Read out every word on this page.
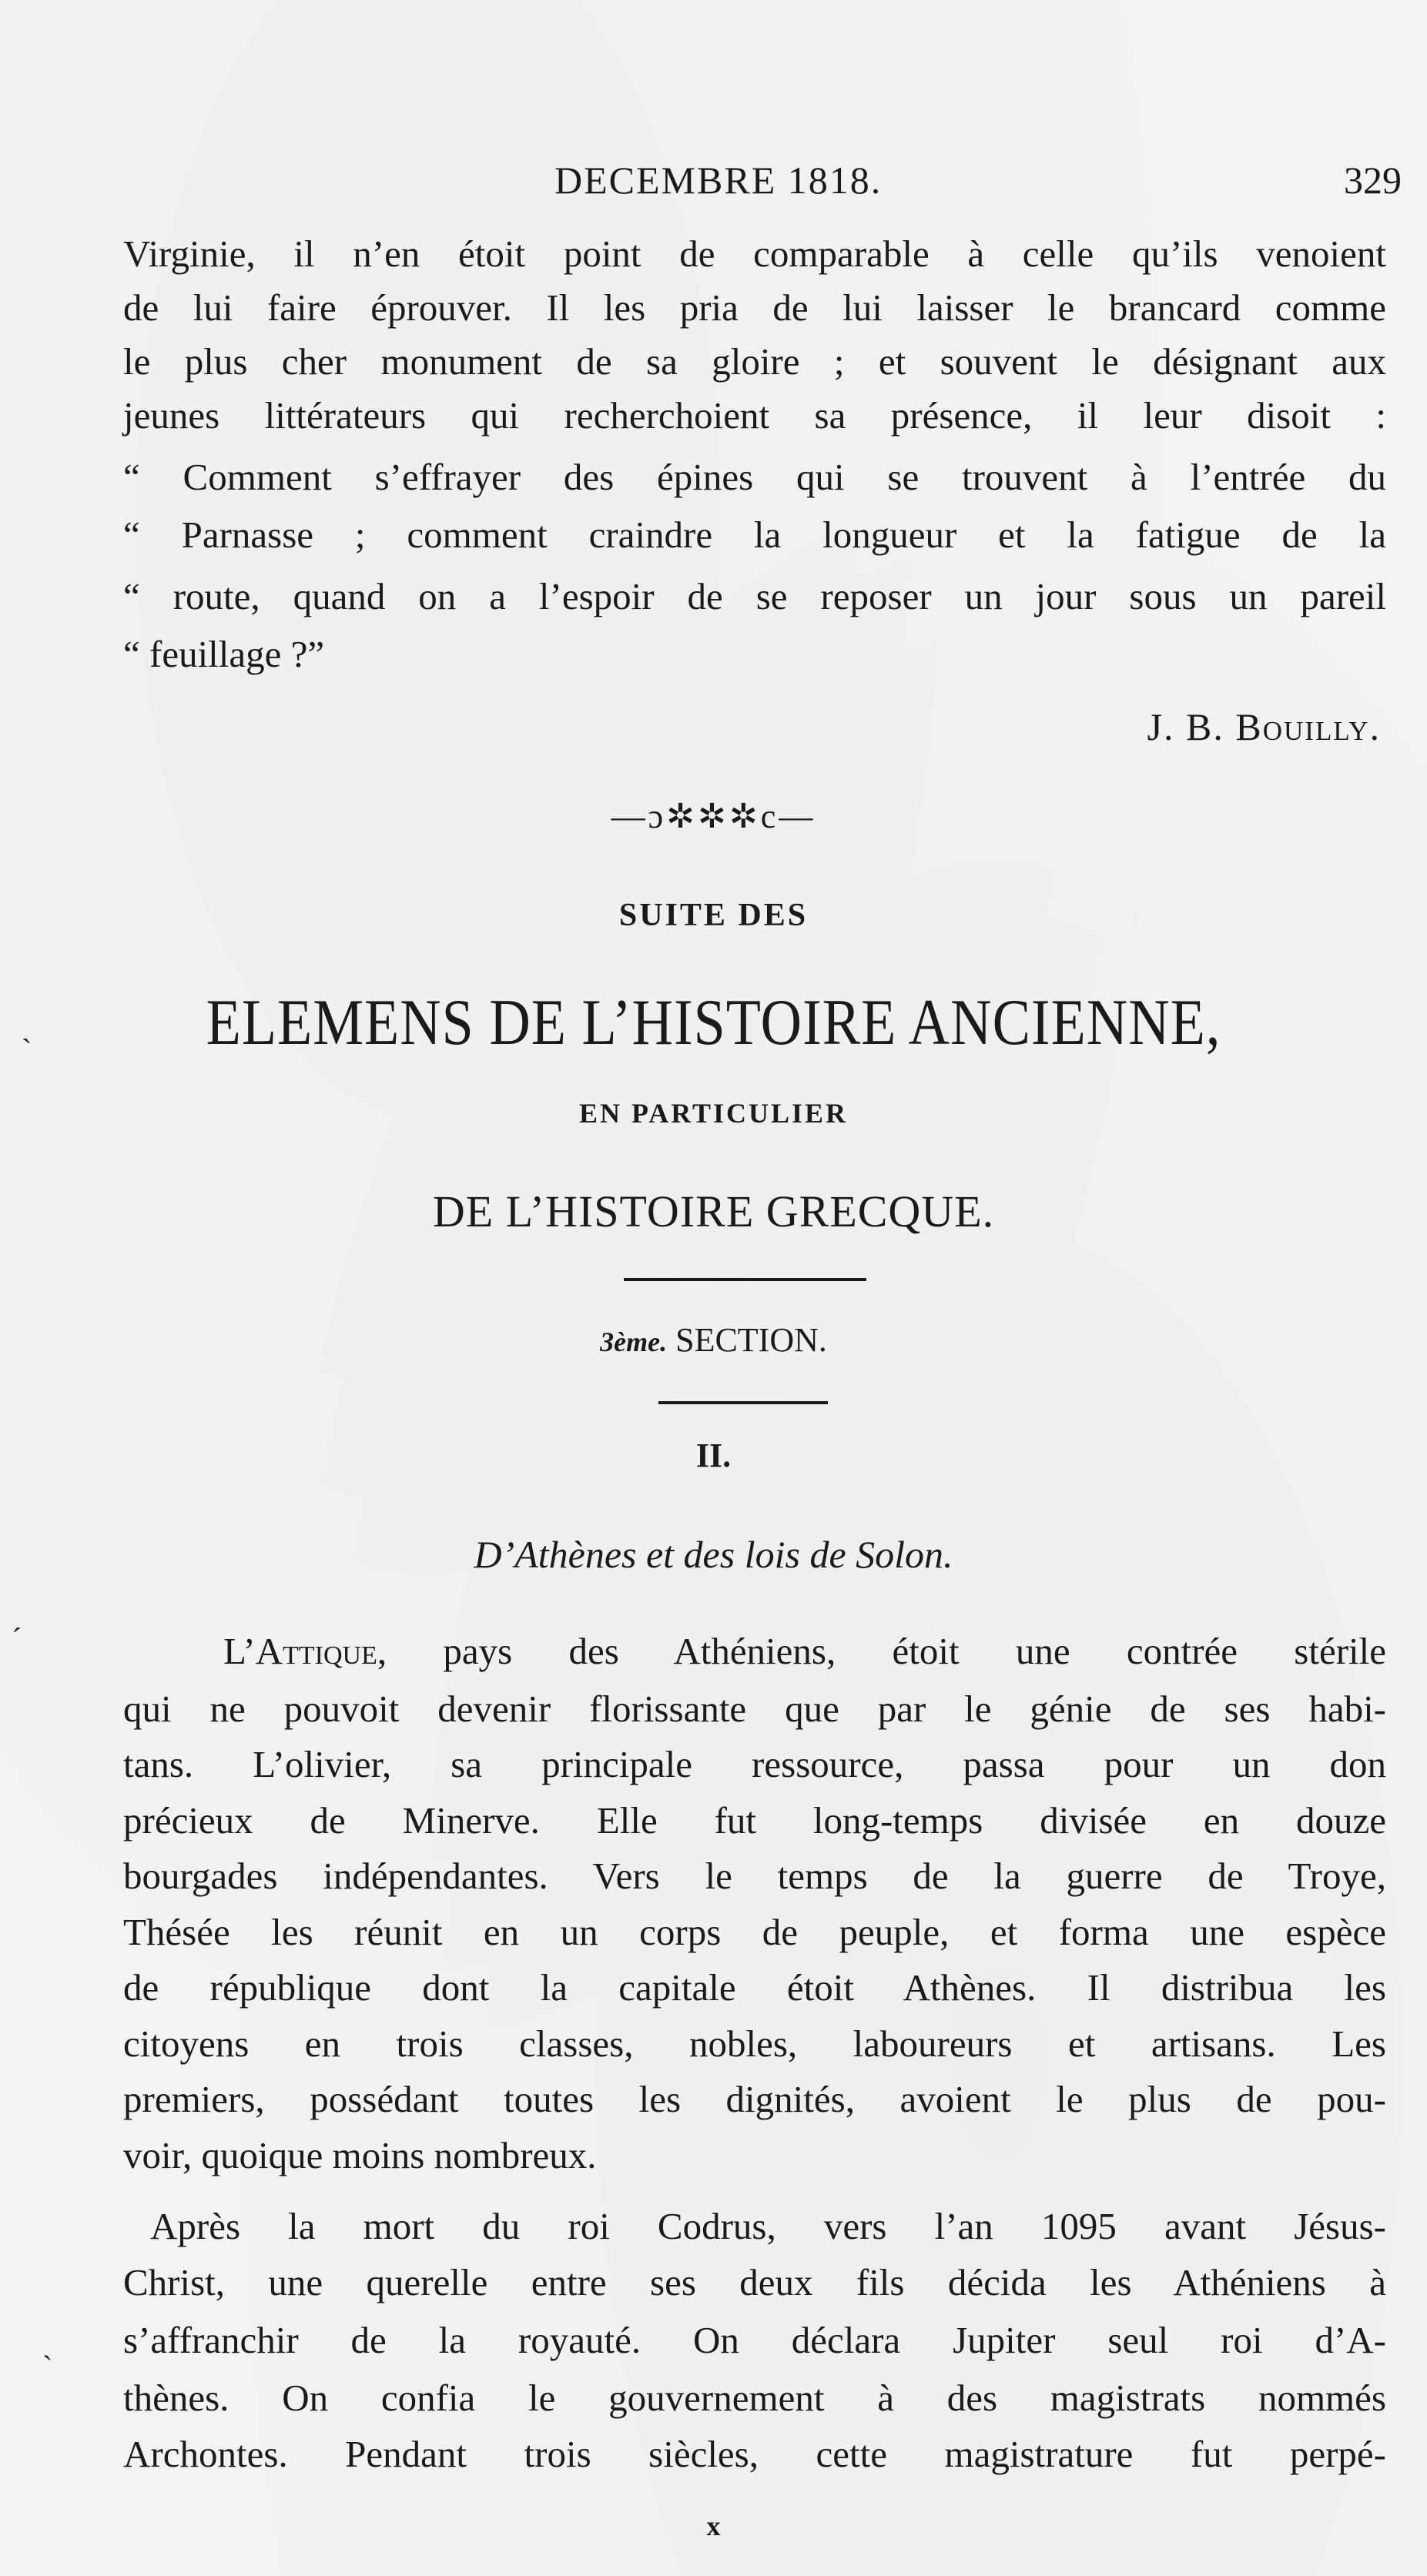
DECEMBRE 1818.	329
Virginie, il n’en étoit point de comparable à celle qu’ils venoient
de lui faire éprouver. Il les pria de lui laisser le brancard comme
le plus cher monument de sa gloire ; et souvent le désignant aux
jeunes littérateurs qui recherchoient sa présence, il leur disoit :
“ Comment s’effrayer des épines qui se trouvent à l’entrée du
“ Parnasse ; comment craindre la longueur et la fatigue de la
“ route, quand on a l’espoir de se reposer un jour sous un pareil
“ feuillage ?”
J. B. Bouilly.
—ɔ✲✲✲c—
SUITE DES
ELEMENS DE L’HISTOIRE ANCIENNE,
EN PARTICULIER
DE L’HISTOIRE GRECQUE.
3ème. SECTION.
II.
D’Athènes et des lois de Solon.
L’Attique, pays des Athéniens, étoit une contrée stérile
qui ne pouvoit devenir florissante que par le génie de ses habi-
tans. L’olivier, sa principale ressource, passa pour un don
précieux de Minerve. Elle fut long-temps divisée en douze
bourgades indépendantes. Vers le temps de la guerre de Troye,
Thésée les réunit en un corps de peuple, et forma une espèce
de république dont la capitale étoit Athènes. Il distribua les
citoyens en trois classes, nobles, laboureurs et artisans. Les
premiers, possédant toutes les dignités, avoient le plus de pou-
voir, quoique moins nombreux.
Après la mort du roi Codrus, vers l’an 1095 avant Jésus-
Christ, une querelle entre ses deux fils décida les Athéniens à
s’affranchir de la royauté. On déclara Jupiter seul roi d’A-
thènes. On confia le gouvernement à des magistrats nommés
Archontes. Pendant trois siècles, cette magistrature fut perpé-
x
ˋ
ˊ
ˎ
